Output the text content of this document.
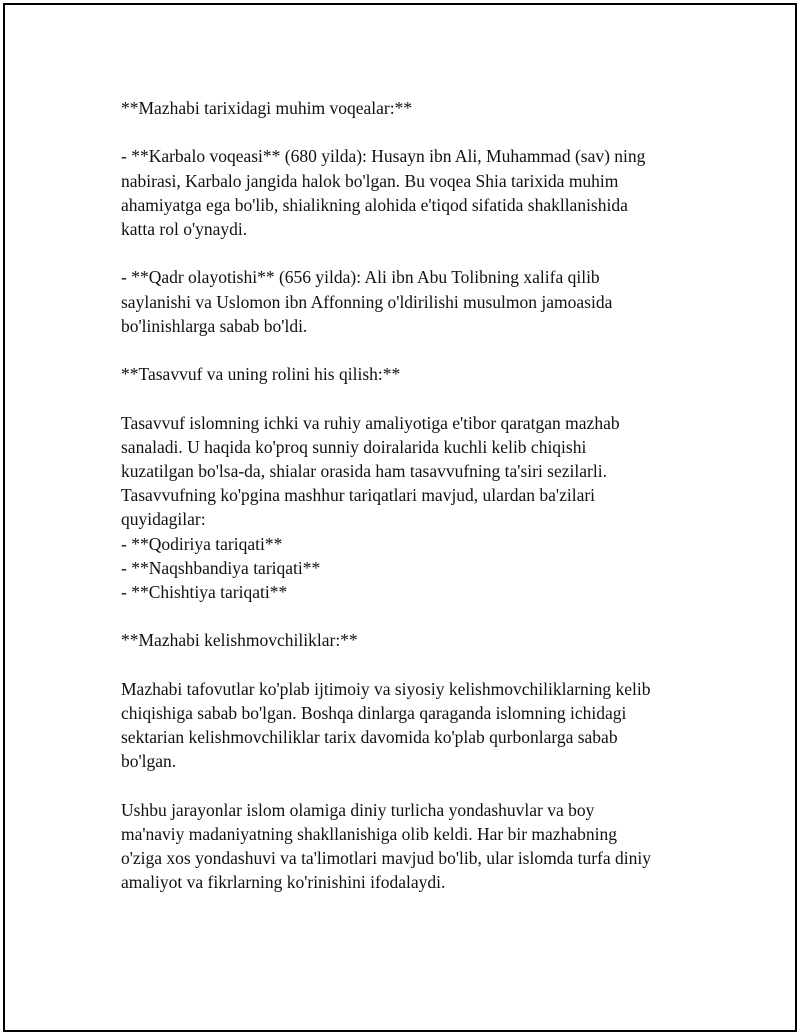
**Mazhabi tarixidagi muhim voqealar:**

- **Karbalo voqeasi** (680 yilda): Husayn ibn Ali, Muhammad (sav) ning
nabirasi, Karbalo jangida halok bo'lgan. Bu voqea Shia tarixida muhim
ahamiyatga ega bo'lib, shialikning alohida e'tiqod sifatida shakllanishida
katta rol o'ynaydi.

- **Qadr olayotishi** (656 yilda): Ali ibn Abu Tolibning xalifa qilib
saylanishi va Uslomon ibn Affonning o'ldirilishi musulmon jamoasida
bo'linishlarga sabab bo'ldi.

**Tasavvuf va uning rolini his qilish:**

Tasavvuf islomning ichki va ruhiy amaliyotiga e'tibor qaratgan mazhab
sanaladi. U haqida ko'proq sunniy doiralarida kuchli kelib chiqishi
kuzatilgan bo'lsa-da, shialar orasida ham tasavvufning ta'siri sezilarli.
Tasavvufning ko'pgina mashhur tariqatlari mavjud, ulardan ba'zilari
quyidagilar:
- **Qodiriya tariqati**
- **Naqshbandiya tariqati**
- **Chishtiya tariqati**

**Mazhabi kelishmovchiliklar:**

Mazhabi tafovutlar ko'plab ijtimoiy va siyosiy kelishmovchiliklarning kelib
chiqishiga sabab bo'lgan. Boshqa dinlarga qaraganda islomning ichidagi
sektarian kelishmovchiliklar tarix davomida ko'plab qurbonlarga sabab
bo'lgan.

Ushbu jarayonlar islom olamiga diniy turlicha yondashuvlar va boy
ma'naviy madaniyatning shakllanishiga olib keldi. Har bir mazhabning
o'ziga xos yondashuvi va ta'limotlari mavjud bo'lib, ular islomda turfa diniy
amaliyot va fikrlarning ko'rinishini ifodalaydi.
